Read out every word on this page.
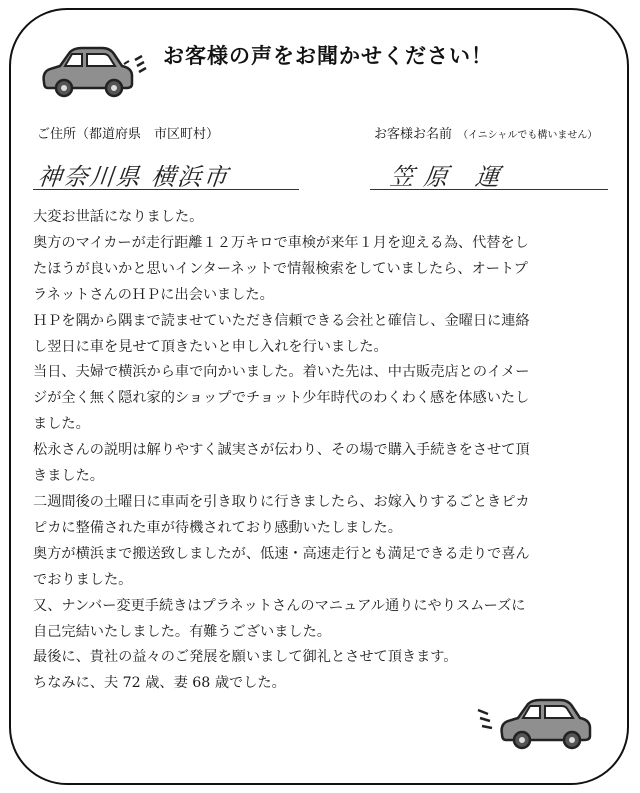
お客様の声をお聞かせください！
ご住所（都道府県　市区町村）	お客様お名前 （イニシャルでも構いません）
神奈川県 横浜市	笠原 運
大変お世話になりました。
奥方のマイカーが走行距離１２万キロで車検が来年１月を迎える為、代替をし
たほうが良いかと思いインターネットで情報検索をしていましたら、オートプ
ラネットさんのＨＰに出会いました。
ＨＰを隅から隅まで読ませていただき信頼できる会社と確信し、金曜日に連絡
し翌日に車を見せて頂きたいと申し入れを行いました。
当日、夫婦で横浜から車で向かいました。着いた先は、中古販売店とのイメー
ジが全く無く隠れ家的ショップでチョット少年時代のわくわく感を体感いたし
ました。
松永さんの説明は解りやすく誠実さが伝わり、その場で購入手続きをさせて頂
きました。
二週間後の土曜日に車両を引き取りに行きましたら、お嫁入りするごときピカ
ピカに整備された車が待機されており感動いたしました。
奥方が横浜まで搬送致しましたが、低速・高速走行とも満足できる走りで喜ん
でおりました。
又、ナンバー変更手続きはプラネットさんのマニュアル通りにやりスムーズに
自己完結いたしました。有難うございました。
最後に、貴社の益々のご発展を願いまして御礼とさせて頂きます。
ちなみに、夫 72 歳、妻 68 歳でした。
